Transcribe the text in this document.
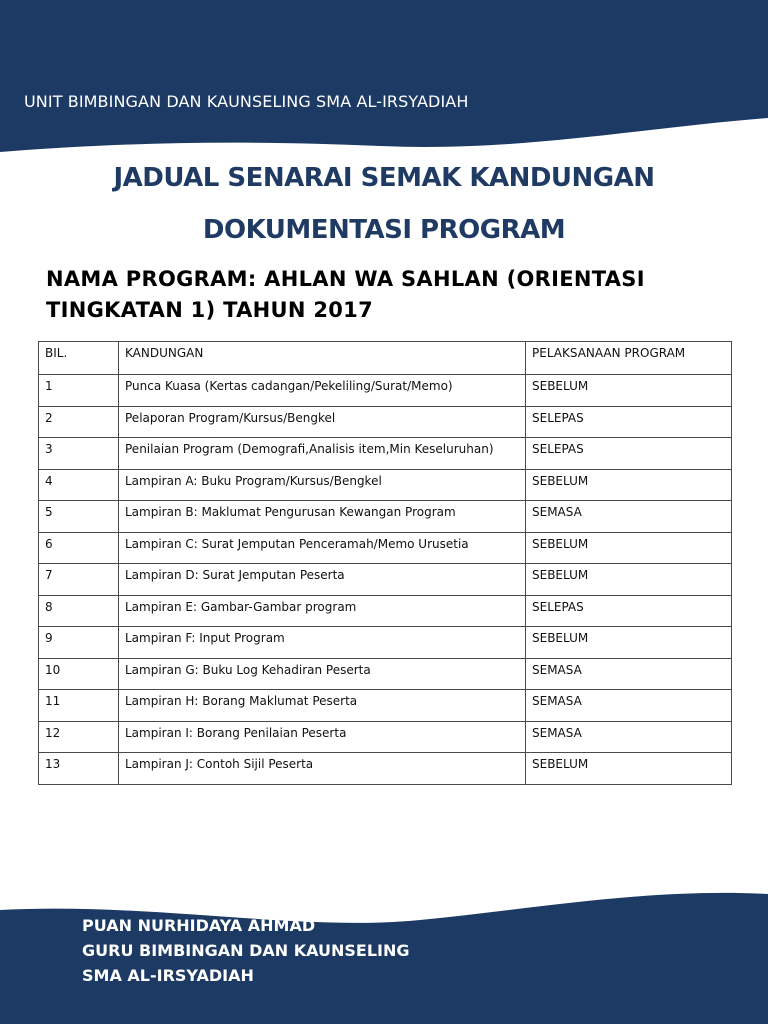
UNIT BIMBINGAN DAN KAUNSELING SMA AL-IRSYADIAH
JADUAL SENARAI SEMAK KANDUNGAN
DOKUMENTASI PROGRAM
NAMA PROGRAM: AHLAN WA SAHLAN (ORIENTASI
TINGKATAN 1) TAHUN 2017
BIL.	KANDUNGAN	PELAKSANAAN PROGRAM
1	Punca Kuasa (Kertas cadangan/Pekeliling/Surat/Memo)	SEBELUM
2	Pelaporan Program/Kursus/Bengkel	SELEPAS
3	Penilaian Program (Demografi,Analisis item,Min Keseluruhan)	SELEPAS
4	Lampiran A: Buku Program/Kursus/Bengkel	SEBELUM
5	Lampiran B: Maklumat Pengurusan Kewangan Program	SEMASA
6	Lampiran C: Surat Jemputan Penceramah/Memo Urusetia	SEBELUM
7	Lampiran D: Surat Jemputan Peserta	SEBELUM
8	Lampiran E: Gambar-Gambar program	SELEPAS
9	Lampiran F: Input Program	SEBELUM
10	Lampiran G: Buku Log Kehadiran Peserta	SEMASA
11	Lampiran H: Borang Maklumat Peserta	SEMASA
12	Lampiran I: Borang Penilaian Peserta	SEMASA
13	Lampiran J: Contoh Sijil Peserta	SEBELUM
PUAN NURHIDAYA AHMAD
GURU BIMBINGAN DAN KAUNSELING
SMA AL-IRSYADIAH
